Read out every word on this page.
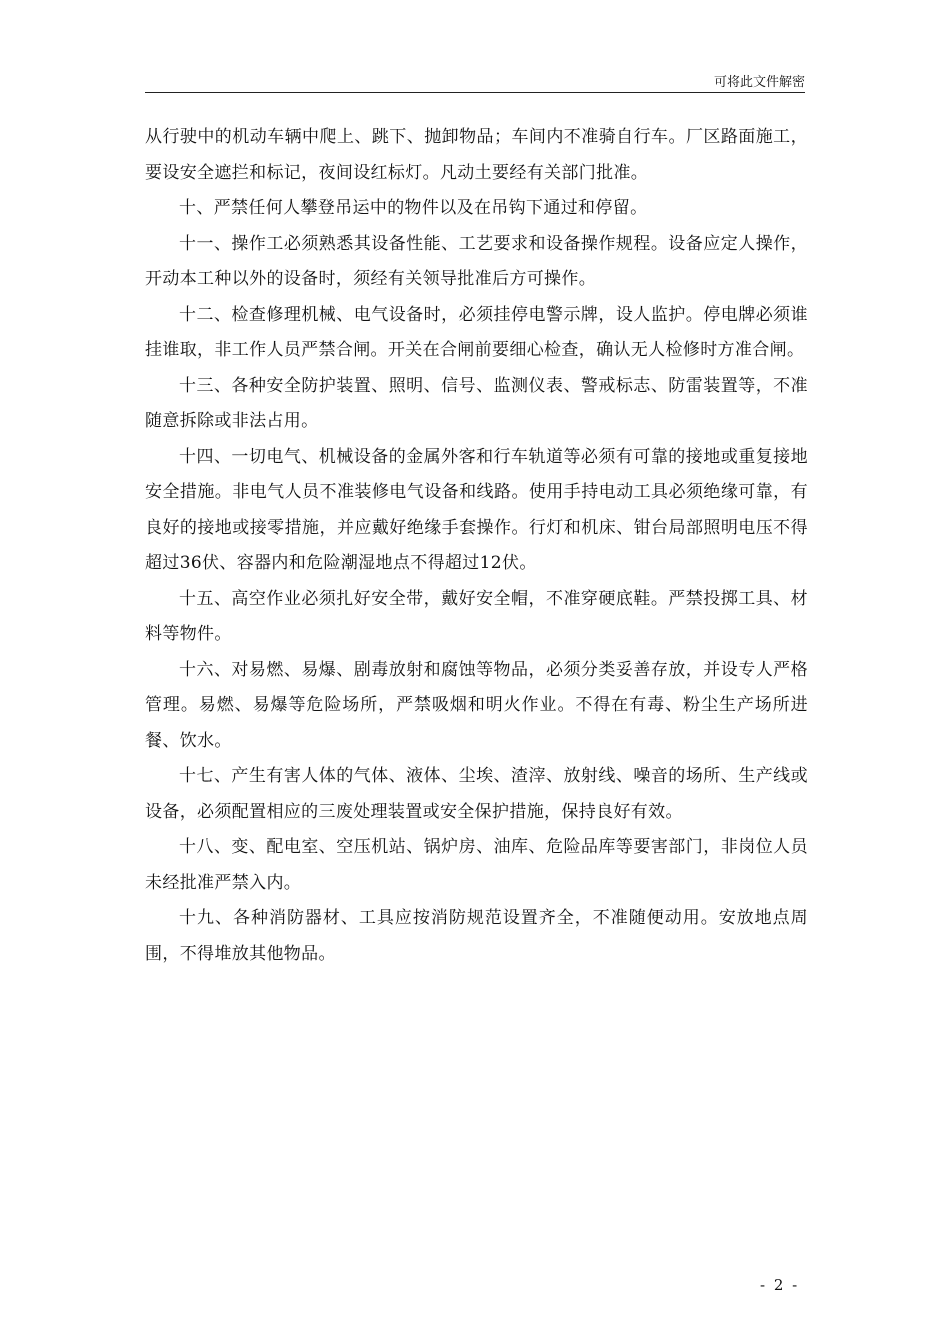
可将此文件解密

从行驶中的机动车辆中爬上、跳下、抛卸物品；车间内不准骑自行车。厂区路面施工，要设安全遮拦和标记，夜间设红标灯。凡动土要经有关部门批准。

十、严禁任何人攀登吊运中的物件以及在吊钩下通过和停留。

十一、操作工必须熟悉其设备性能、工艺要求和设备操作规程。设备应定人操作，开动本工种以外的设备时，须经有关领导批准后方可操作。

十二、检查修理机械、电气设备时，必须挂停电警示牌，设人监护。停电牌必须谁挂谁取，非工作人员严禁合闸。开关在合闸前要细心检查，确认无人检修时方准合闸。

十三、各种安全防护装置、照明、信号、监测仪表、警戒标志、防雷装置等，不准随意拆除或非法占用。

十四、一切电气、机械设备的金属外客和行车轨道等必须有可靠的接地或重复接地安全措施。非电气人员不准装修电气设备和线路。使用手持电动工具必须绝缘可靠，有良好的接地或接零措施，并应戴好绝缘手套操作。行灯和机床、钳台局部照明电压不得超过36伏、容器内和危险潮湿地点不得超过12伏。

十五、高空作业必须扎好安全带，戴好安全帽，不准穿硬底鞋。严禁投掷工具、材料等物件。

十六、对易燃、易爆、剧毒放射和腐蚀等物品，必须分类妥善存放，并设专人严格管理。易燃、易爆等危险场所，严禁吸烟和明火作业。不得在有毒、粉尘生产场所进餐、饮水。

十七、产生有害人体的气体、液体、尘埃、渣滓、放射线、噪音的场所、生产线或设备，必须配置相应的三废处理装置或安全保护措施，保持良好有效。

十八、变、配电室、空压机站、锅炉房、油库、危险品库等要害部门，非岗位人员未经批准严禁入内。

十九、各种消防器材、工具应按消防规范设置齐全，不准随便动用。安放地点周围，不得堆放其他物品。

- 2 -
